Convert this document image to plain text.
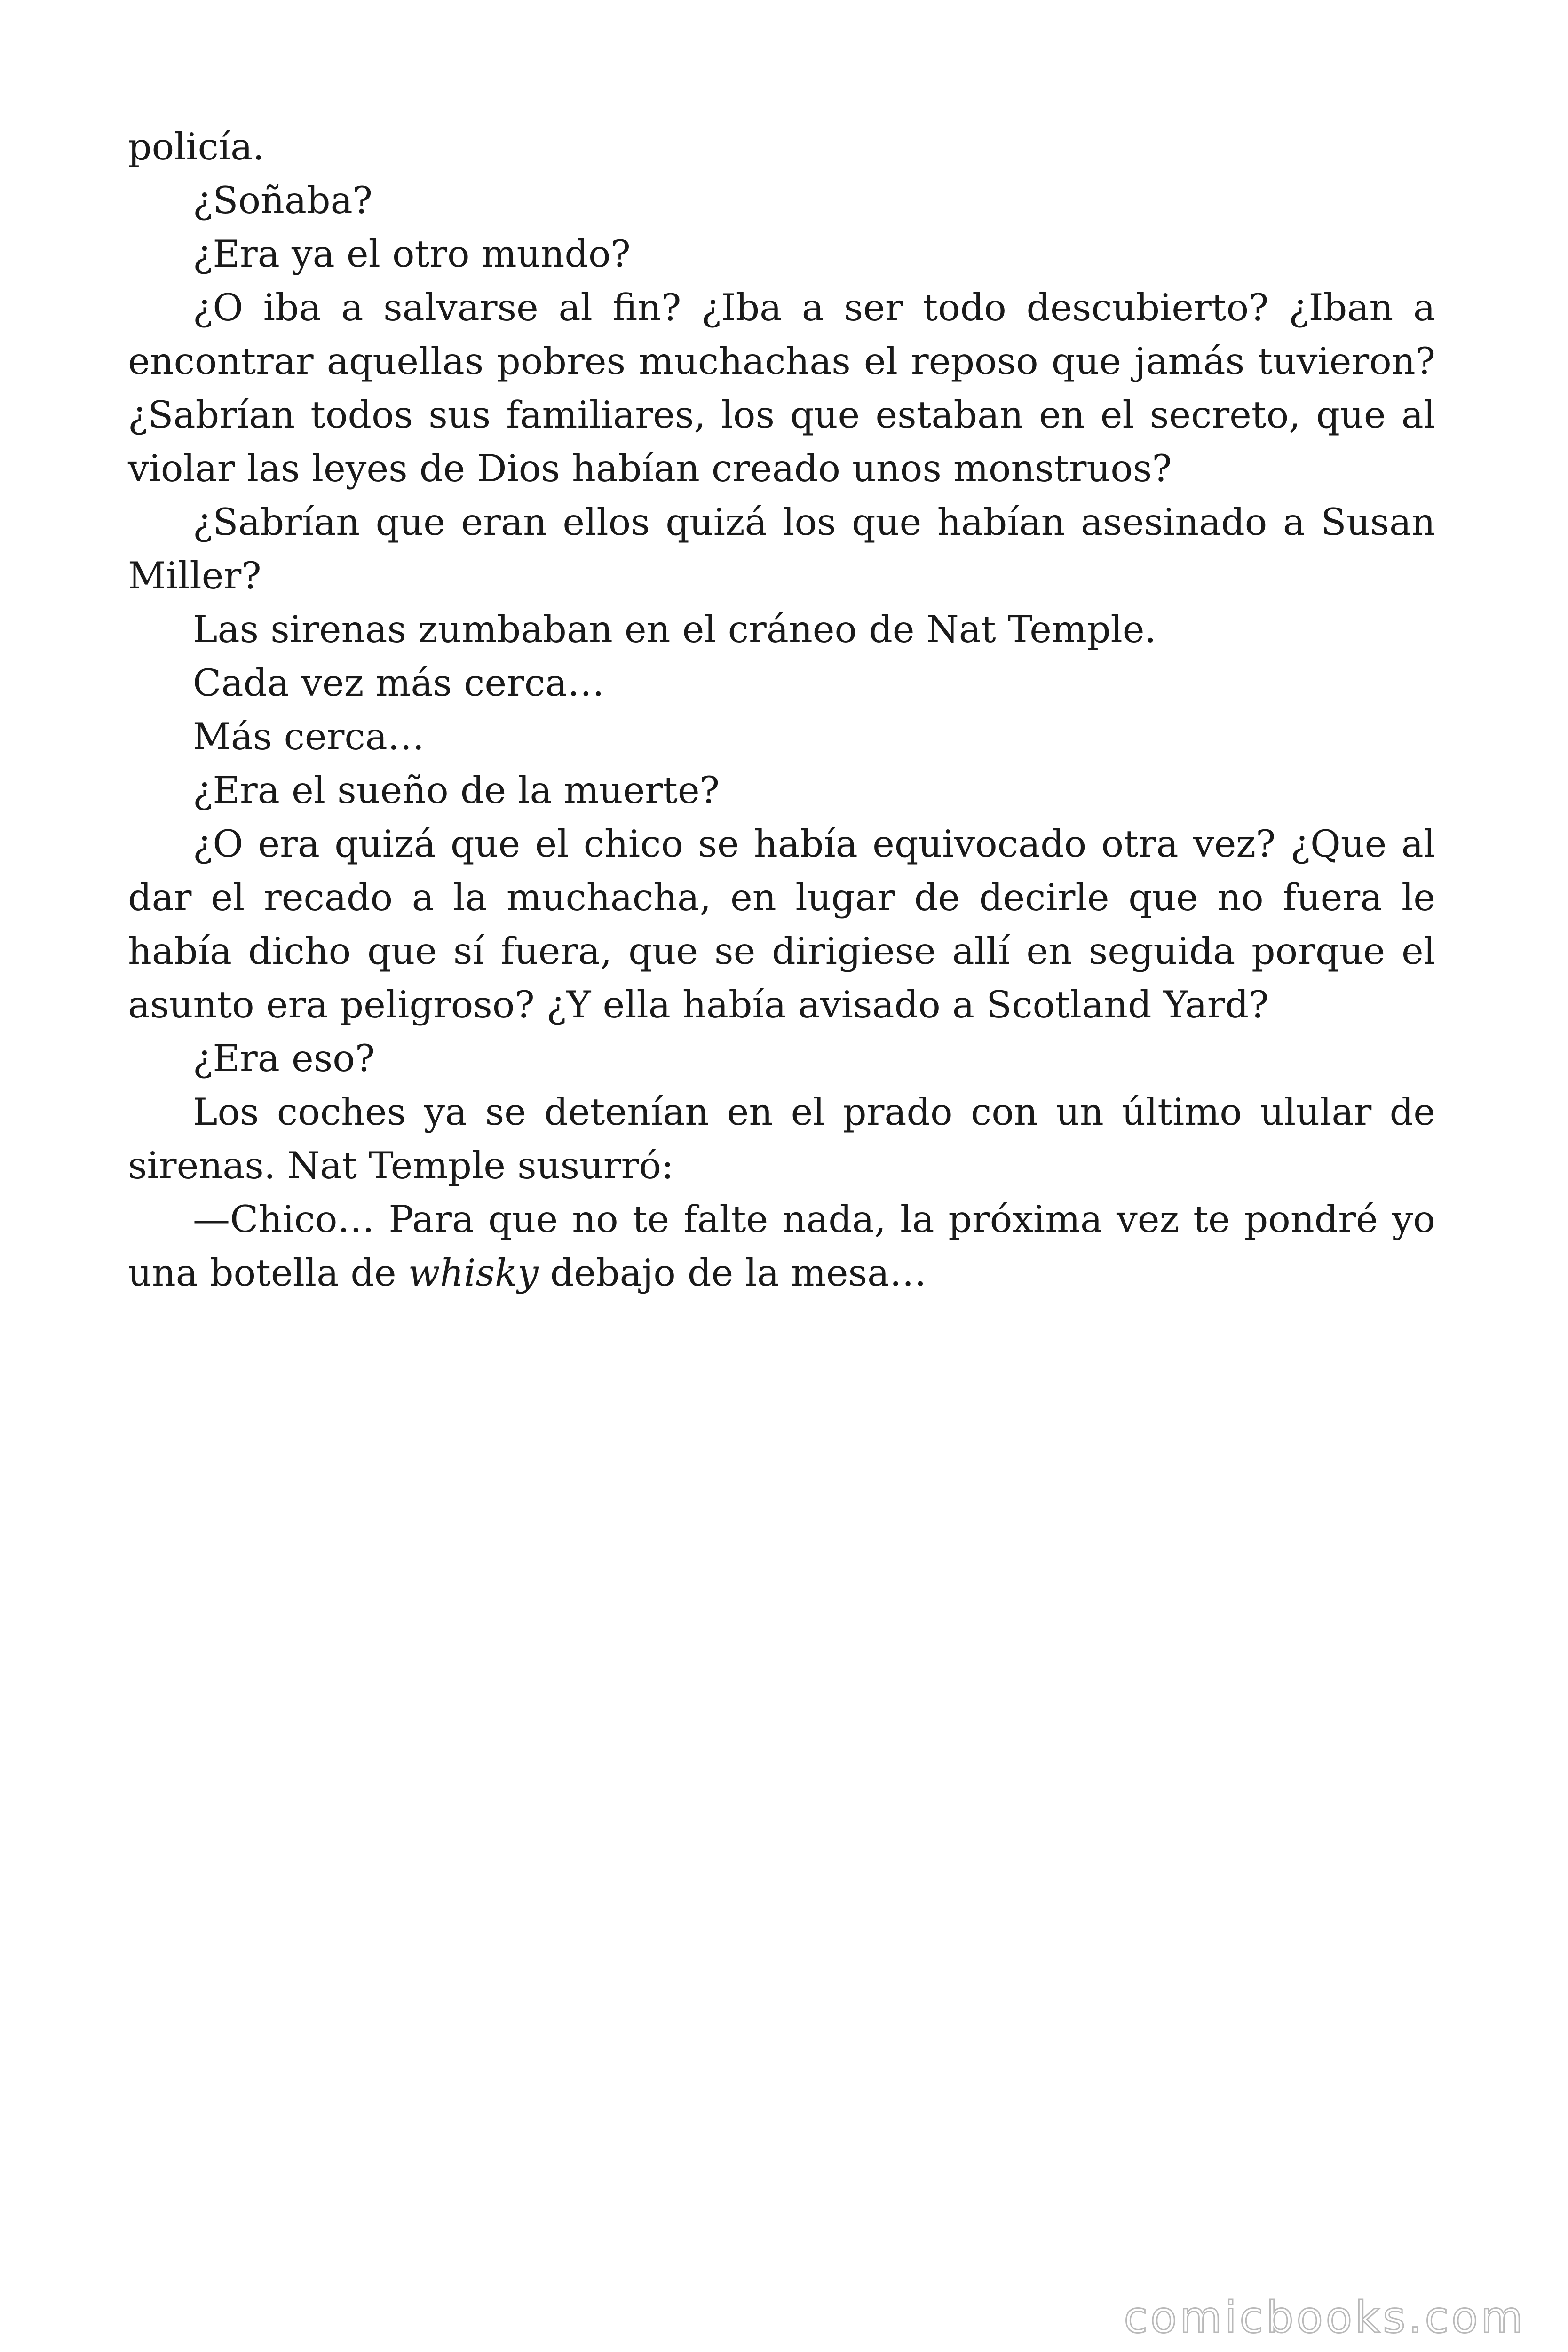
policía.

¿Soñaba?

¿Era ya el otro mundo?

¿O iba a salvarse al fin? ¿Iba a ser todo descubierto? ¿Iban a encontrar aquellas pobres muchachas el reposo que jamás tuvieron? ¿Sabrían todos sus familiares, los que estaban en el secreto, que al violar las leyes de Dios habían creado unos monstruos?

¿Sabrían que eran ellos quizá los que habían asesinado a Susan Miller?

Las sirenas zumbaban en el cráneo de Nat Temple.

Cada vez más cerca…

Más cerca…

¿Era el sueño de la muerte?

¿O era quizá que el chico se había equivocado otra vez? ¿Que al dar el recado a la muchacha, en lugar de decirle que no fuera le había dicho que sí fuera, que se dirigiese allí en seguida porque el asunto era peligroso? ¿Y ella había avisado a Scotland Yard?

¿Era eso?

Los coches ya se detenían en el prado con un último ulular de sirenas. Nat Temple susurró:

—Chico… Para que no te falte nada, la próxima vez te pondré yo una botella de whisky debajo de la mesa…

comicbooks.com
